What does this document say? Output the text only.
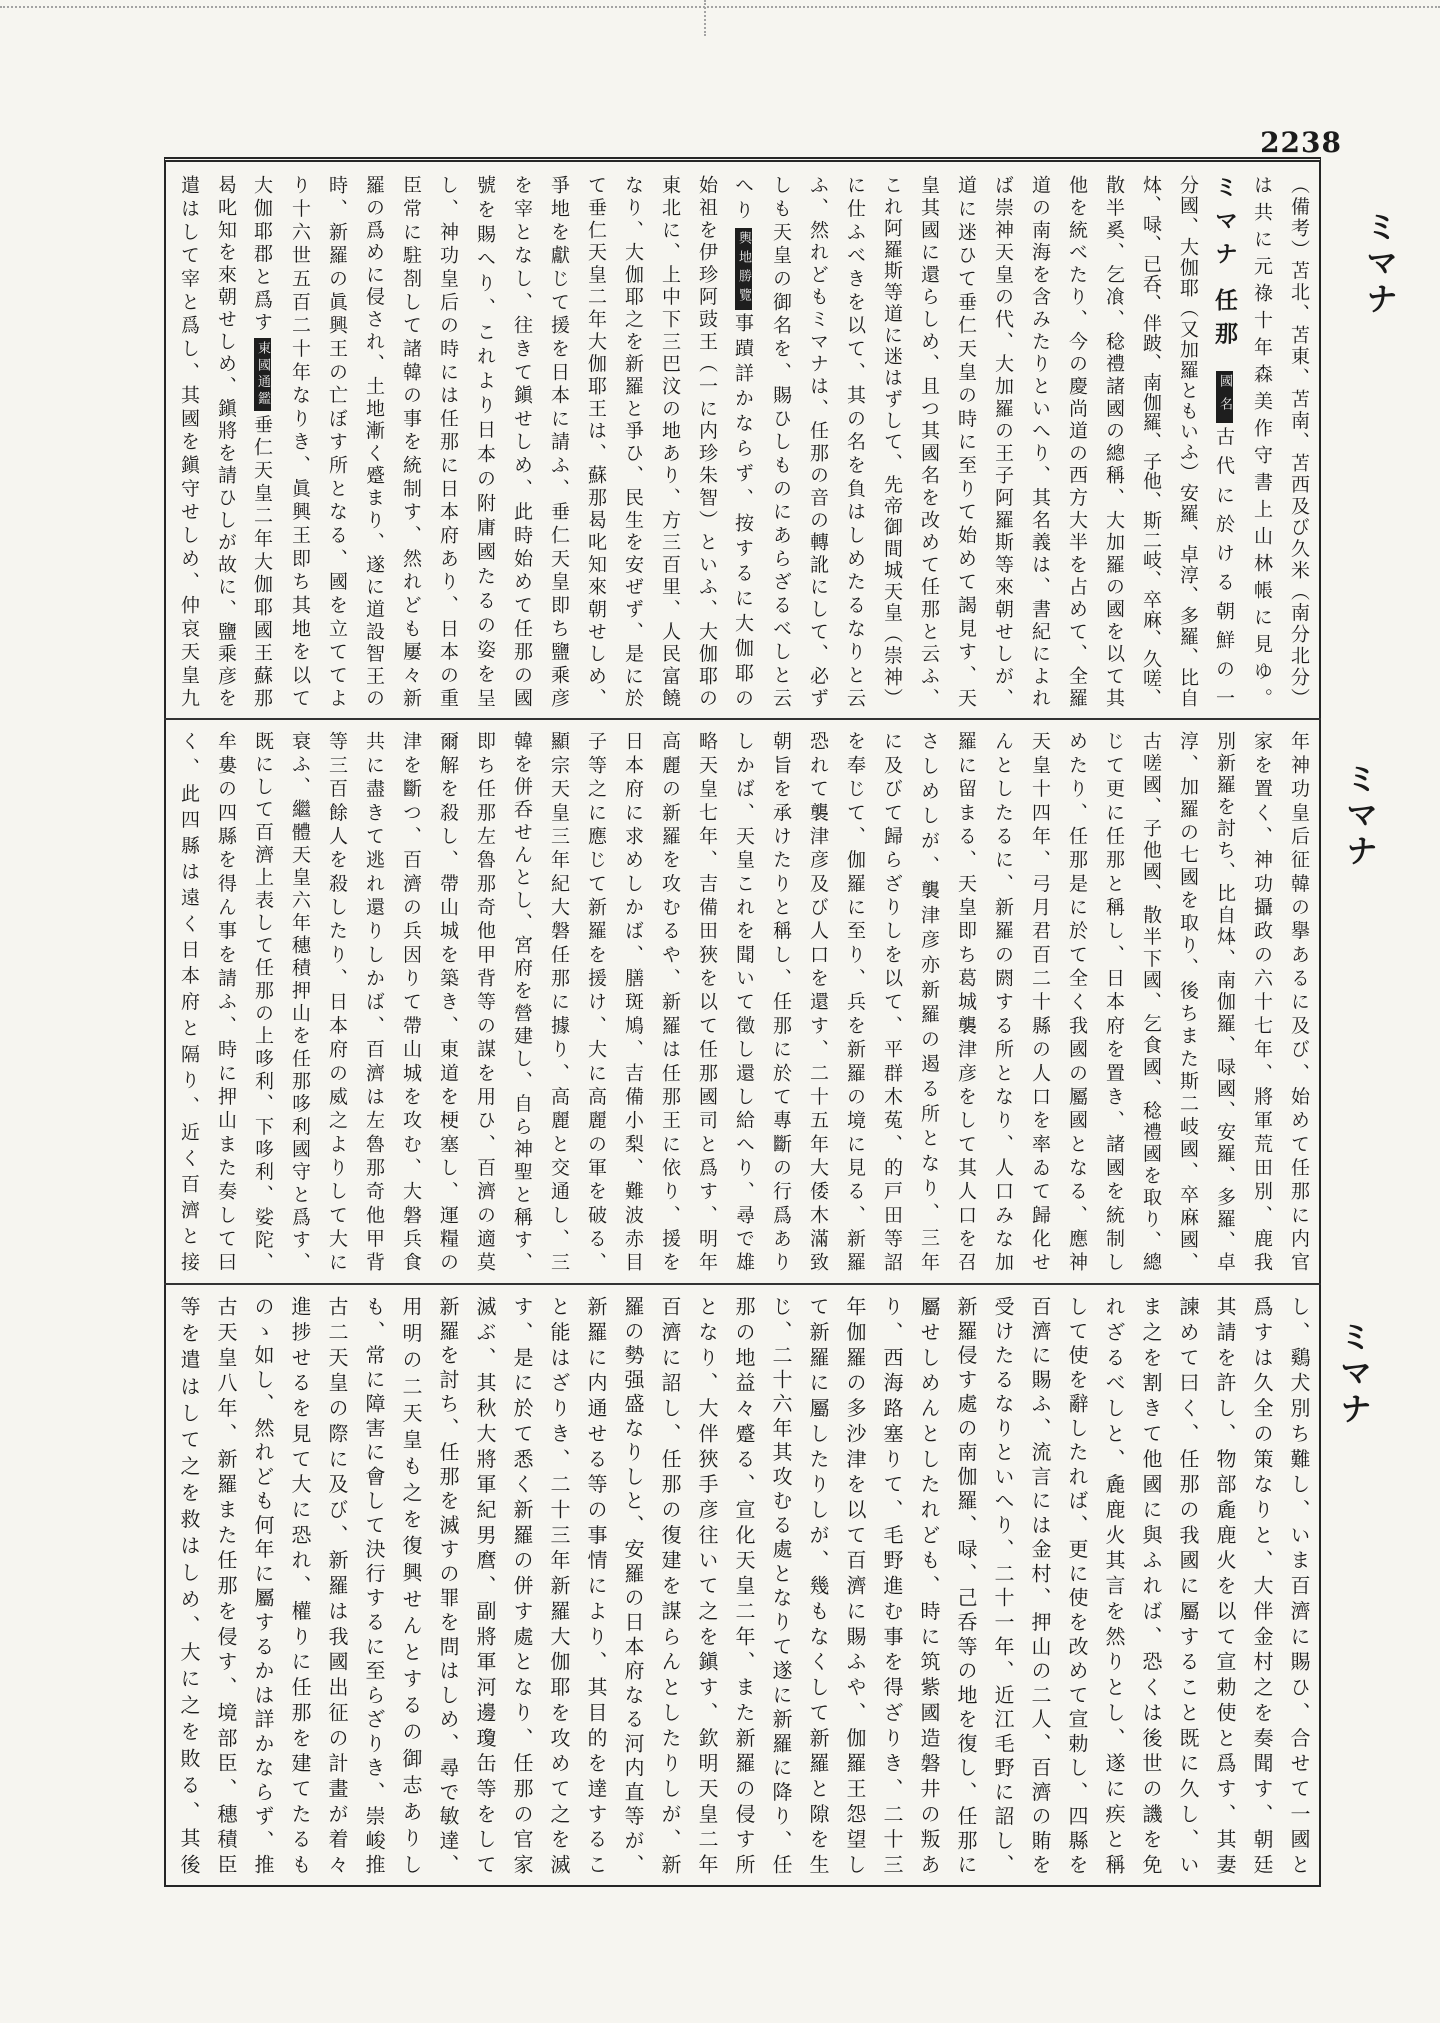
2238
ミマナ
ミマナ
ミマナ
（備考）苫北、苫東、苫南、苫西及び久米（南分北分）
は共に元祿十年森美作守書上山林帳に見ゆ。
ミマナ任那國名古代に於ける朝鮮の一
分國、大伽耶（又加羅ともいふ）安羅、卓淳、多羅、比自
㶱、㖨、已呑、伴跛、南伽羅、子他、斯二岐、卒麻、久嗟、
散半奚、乞飡、稔禮諸國の總稱、大加羅の國を以て其
他を統べたり、今の慶尚道の西方大半を占めて、全羅
道の南海を含みたりといへり、其名義は、書紀によれ
ば崇神天皇の代、大加羅の王子阿羅斯等來朝せしが、
道に迷ひて垂仁天皇の時に至りて始めて謁見す、天
皇其國に還らしめ、且つ其國名を改めて任那と云ふ、
これ阿羅斯等道に迷はずして、先帝御間城天皇（崇神）
に仕ふべきを以て、其の名を負はしめたるなりと云
ふ、然れどもミマナは、任那の音の轉訛にして、必ず
しも天皇の御名を、賜ひしものにあらざるべしと云
へり輿地勝覽事蹟詳かならず、按するに大伽耶の
始祖を伊珍阿豉王（一に内珍朱智）といふ、大伽耶の
東北に、上中下三巴汶の地あり、方三百里、人民富饒
なり、大伽耶之を新羅と爭ひ、民生を安ぜず、是に於
て垂仁天皇二年大伽耶王は、蘇那曷叱知來朝せしめ、
爭地を獻じて援を日本に請ふ、垂仁天皇即ち鹽乘彦
を宰となし、往きて鎭せしめ、此時始めて任那の國
號を賜へり、これより日本の附庸國たるの姿を呈
し、神功皇后の時には任那に日本府あり、日本の重
臣常に駐剳して諸韓の事を統制す、然れども屢々新
羅の爲めに侵され、土地漸く蹙まり、遂に道設智王の
時、新羅の眞興王の亡ぼす所となる、國を立ててよ
り十六世五百二十年なりき、眞興王即ち其地を以て
大伽耶郡と爲す東國通鑑垂仁天皇二年大伽耶國王蘇那
曷叱知を來朝せしめ、鎭將を請ひしが故に、鹽乘彦を
遣はして宰と爲し、其國を鎭守せしめ、仲哀天皇九
年神功皇后征韓の擧あるに及び、始めて任那に内官
家を置く、神功攝政の六十七年、將軍荒田別、鹿我
別新羅を討ち、比自㶱、南伽羅、㖨國、安羅、多羅、卓
淳、加羅の七國を取り、後ちまた斯二岐國、卒麻國、
古嗟國、子他國、散半下國、乞食國、稔禮國を取り、總
じて更に任那と稱し、日本府を置き、諸國を統制し
めたり、任那是に於て全く我國の屬國となる、應神
天皇十四年、弓月君百二十縣の人口を率ゐて歸化せ
んとしたるに、新羅の閼する所となり、人口みな加
羅に留まる、天皇即ち葛城襲津彦をして其人口を召
さしめしが、襲津彦亦新羅の遏る所となり、三年
に及びて歸らざりしを以て、平群木菟、的戸田等詔
を奉じて、伽羅に至り、兵を新羅の境に見る、新羅
恐れて襲津彦及び人口を還す、二十五年大倭木滿致
朝旨を承けたりと稱し、任那に於て專斷の行爲あり
しかば、天皇これを聞いて徵し還し給へり、尋で雄
略天皇七年、吉備田狹を以て任那國司と爲す、明年
高麗の新羅を攻むるや、新羅は任那王に依り、援を
日本府に求めしかば、膳斑鳩、吉備小梨、難波赤目
子等之に應じて新羅を援け、大に高麗の軍を破る、
顯宗天皇三年紀大磐任那に據り、高麗と交通し、三
韓を併呑せんとし、宮府を營建し、自ら神聖と稱す、
即ち任那左魯那奇他甲背等の謀を用ひ、百濟の適莫
爾解を殺し、帶山城を築き、東道を梗塞し、運糧の
津を斷つ、百濟の兵因りて帶山城を攻む、大磐兵食
共に盡きて逃れ還りしかば、百濟は左魯那奇他甲背
等三百餘人を殺したり、日本府の威之よりして大に
衰ふ、繼體天皇六年穗積押山を任那哆利國守と爲す、
既にして百濟上表して任那の上哆利、下哆利、娑陀、
牟婁の四縣を得ん事を請ふ、時に押山また奏して曰
く、此四縣は遠く日本府と隔り、近く百濟と接
し、鷄犬別ち難し、いま百濟に賜ひ、合せて一國と
爲すは久全の策なりと、大伴金村之を奏聞す、朝廷
其請を許し、物部麁鹿火を以て宣勅使と爲す、其妻
諫めて曰く、任那の我國に屬すること既に久し、い
ま之を割きて他國に與ふれば、恐くは後世の譏を免
れざるべしと、麁鹿火其言を然りとし、遂に疾と稱
して使を辭したれば、更に使を改めて宣勅し、四縣を
百濟に賜ふ、流言には金村、押山の二人、百濟の賄を
受けたるなりといへり、二十一年、近江毛野に詔し、
新羅侵す處の南伽羅、㖨、己呑等の地を復し、任那に
屬せしめんとしたれども、時に筑紫國造磐井の叛あ
り、西海路塞りて、毛野進む事を得ざりき、二十三
年伽羅の多沙津を以て百濟に賜ふや、伽羅王怨望し
て新羅に屬したりしが、幾もなくして新羅と隙を生
じ、二十六年其攻むる處となりて遂に新羅に降り、任
那の地益々蹙る、宣化天皇二年、また新羅の侵す所
となり、大伴狹手彦往いて之を鎭す、欽明天皇二年
百濟に詔し、任那の復建を謀らんとしたりしが、新
羅の勢强盛なりしと、安羅の日本府なる河内直等が、
新羅に内通せる等の事情により、其目的を達するこ
と能はざりき、二十三年新羅大伽耶を攻めて之を滅
す、是に於て悉く新羅の併す處となり、任那の官家
滅ぶ、其秋大將軍紀男麿、副將軍河邊瓊缶等をして
新羅を討ち、任那を滅すの罪を問はしめ、尋で敏達、
用明の二天皇も之を復興せんとするの御志ありし
も、常に障害に會して決行するに至らざりき、崇峻推
古二天皇の際に及び、新羅は我國出征の計畫が着々
進捗せるを見て大に恐れ、權りに任那を建てたるも
のゝ如し、然れども何年に屬するかは詳かならず、推
古天皇八年、新羅また任那を侵す、境部臣、穗積臣
等を遣はして之を救はしめ、大に之を敗る、其後
